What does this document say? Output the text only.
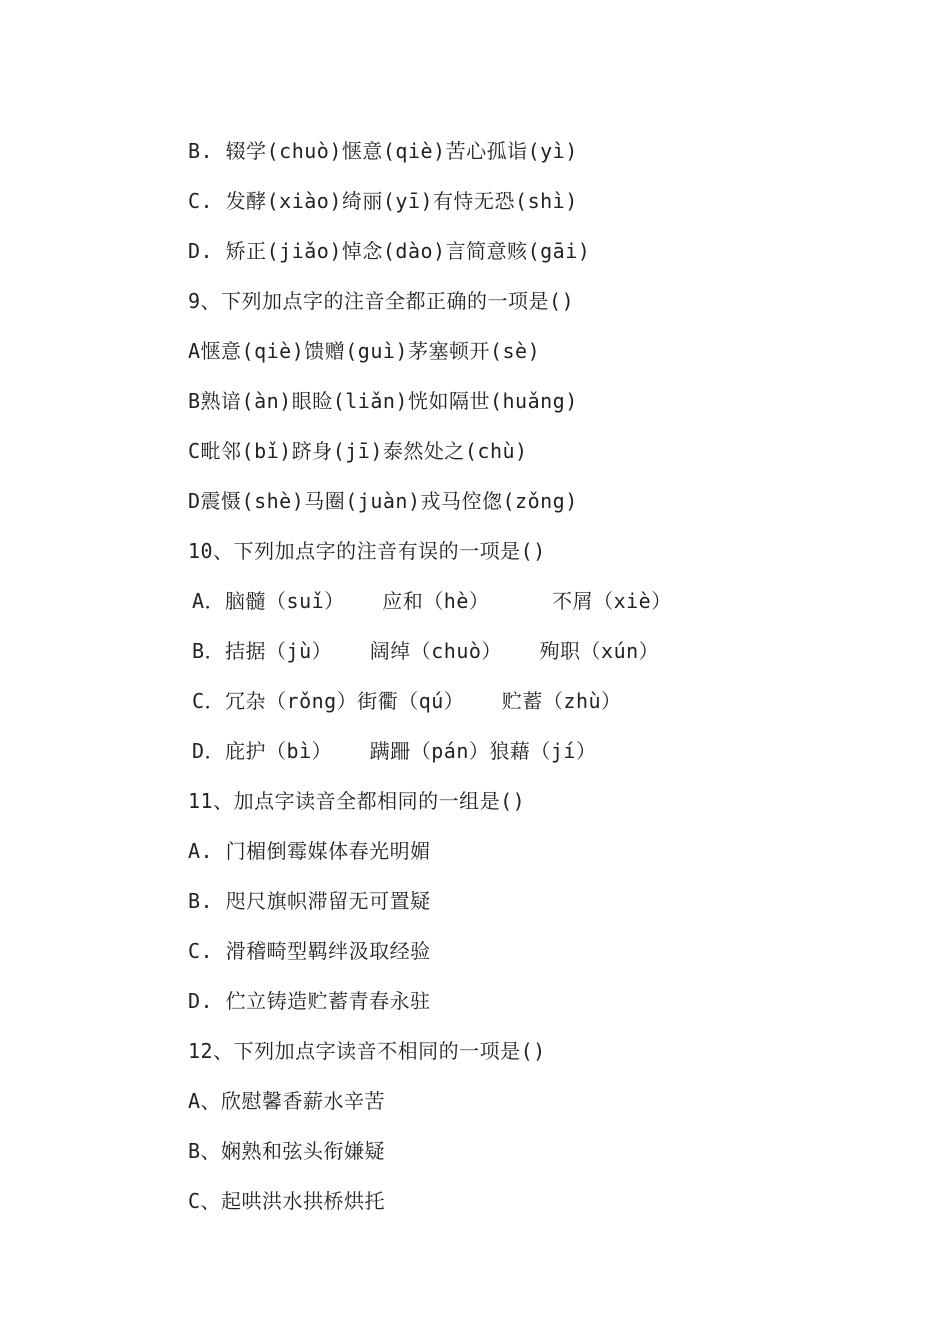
B. 辍学(chuò)惬意(qiè)苦心孤诣(yì)
C. 发酵(xiào)绮丽(yī)有恃无恐(shì)
D. 矫正(jiǎo)悼念(dào)言简意赅(gāi)
9、下列加点字的注音全都正确的一项是()
A惬意(qiè)馈赠(guì)茅塞顿开(sè)
B熟谙(àn)眼睑(liǎn)恍如隔世(huǎng)
C毗邻(bǐ)跻身(jī)泰然处之(chù)
D震慑(shè)马圈(juàn)戎马倥偬(zǒng)
10、下列加点字的注音有误的一项是()
A．脑髓（suǐ）   应和（hè）     不屑（xiè）
B．拮据（jù）   阔绰（chuò）   殉职（xún）
C．冗杂（rǒng）街衢（qú）   贮蓄（zhù）
D．庇护（bì）   蹒跚（pán）狼藉（jí）
11、加点字读音全都相同的一组是()
A. 门楣倒霉媒体春光明媚
B. 咫尺旗帜滞留无可置疑
C. 滑稽畸型羁绊汲取经验
D. 伫立铸造贮蓄青春永驻
12、下列加点字读音不相同的一项是()
A、欣慰馨香薪水辛苦
B、娴熟和弦头衔嫌疑
C、起哄洪水拱桥烘托
